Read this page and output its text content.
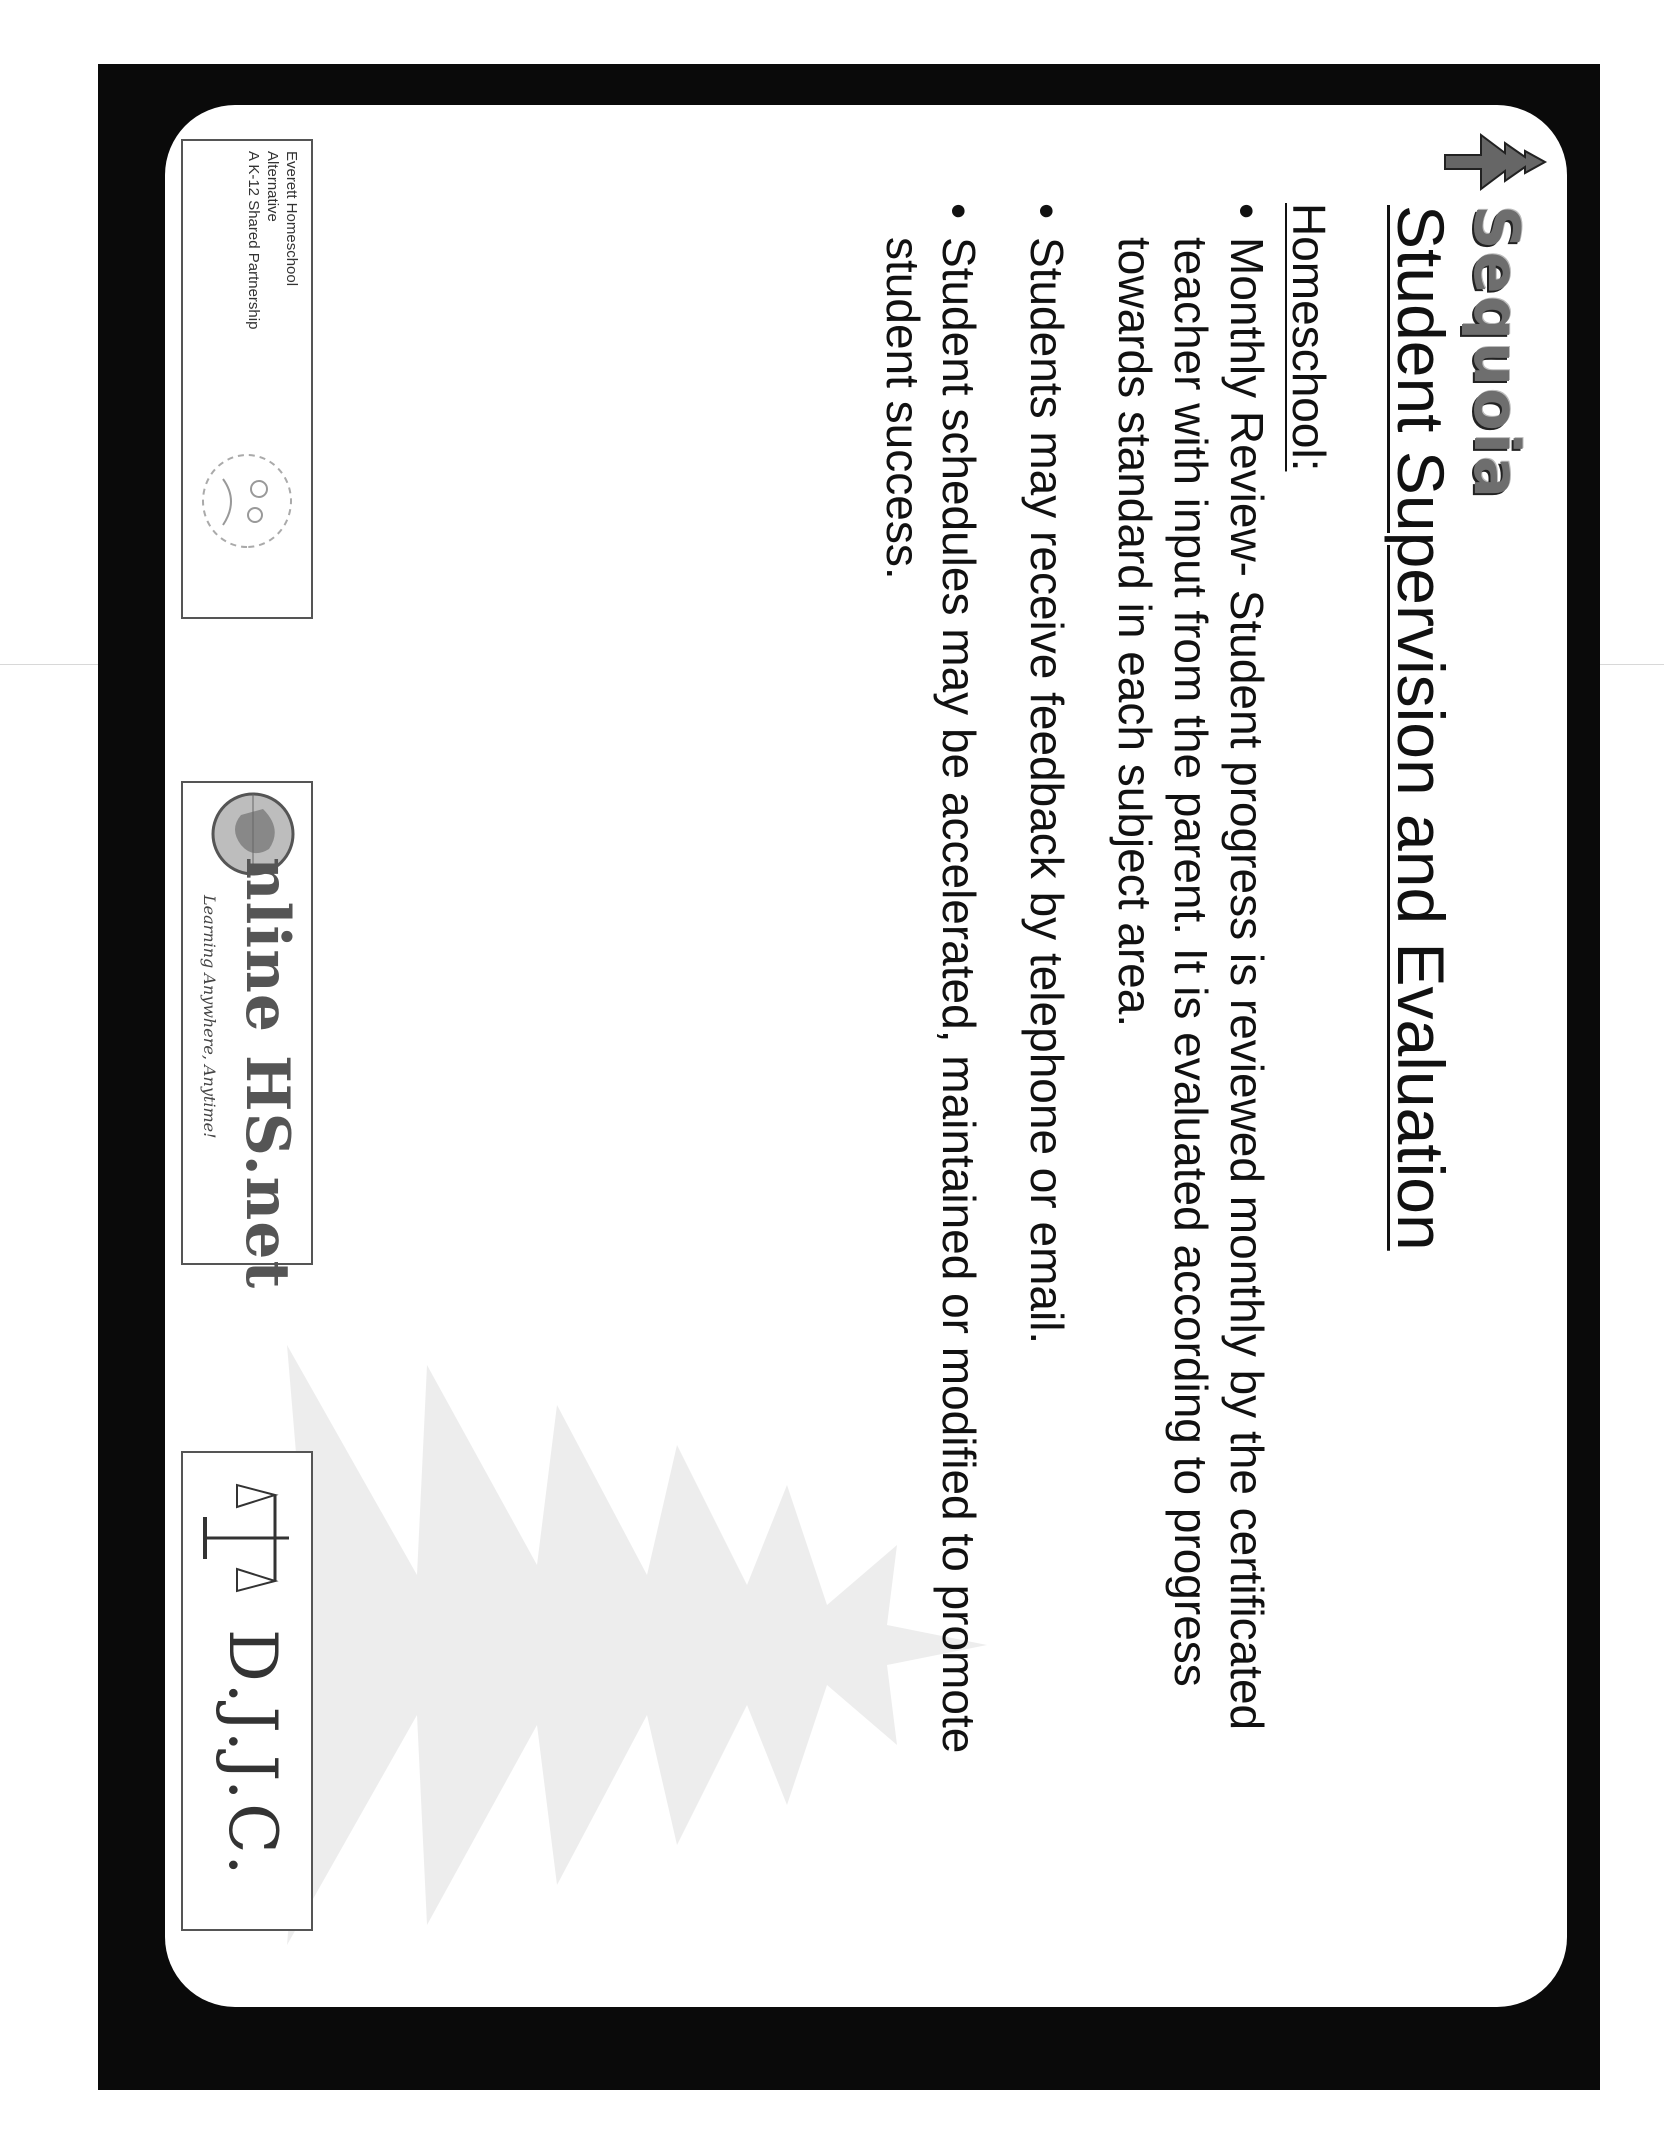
Sequoia
Student Supervision and Evaluation
Homeschool:
•
Monthly Review- Student progress is reviewed monthly by the certificated teacher with input from the parent. It is evaluated according to progress towards standard in each subject area.
•
Students may receive feedback by telephone or email.
•
Student schedules may be accelerated, maintained or modified to promote student success.
Everett Homeschool
Alternative
A K-12 Shared Partnership
nline HS.net
Learning Anywhere, Anytime!
D.J.J.C.
